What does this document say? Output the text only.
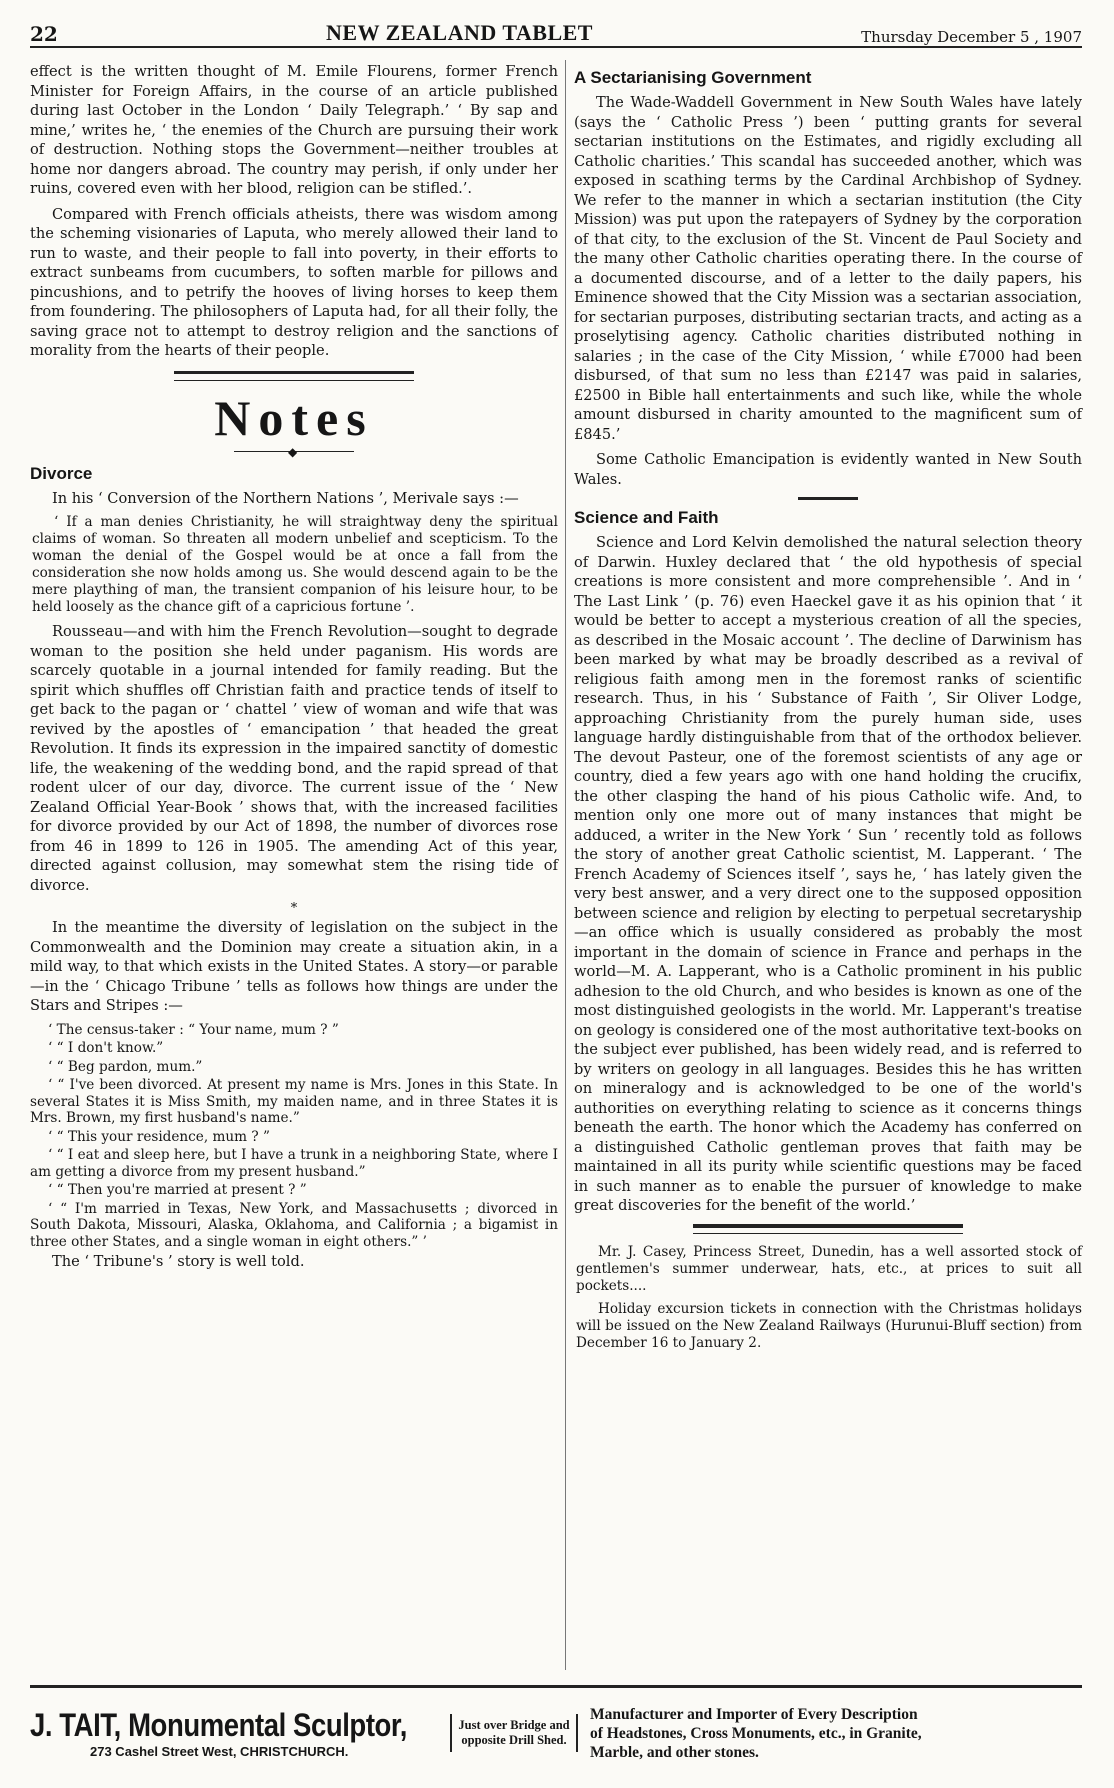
22	NEW ZEALAND TABLET	Thursday December 5 , 1907

effect is the written thought of M. Emile Flourens, former French Minister for Foreign Affairs, in the course of an article published during last October in the London ‘ Daily Telegraph.’ ‘ By sap and mine,’ writes he, ‘ the enemies of the Church are pursuing their work of destruction. Nothing stops the Government—neither troubles at home nor dangers abroad. The country may perish, if only under her ruins, covered even with her blood, religion can be stifled.’.

Compared with French officials atheists, there was wisdom among the scheming visionaries of Laputa, who merely allowed their land to run to waste, and their people to fall into poverty, in their efforts to extract sunbeams from cucumbers, to soften marble for pillows and pincushions, and to petrify the hooves of living horses to keep them from foundering. The philosophers of Laputa had, for all their folly, the saving grace not to attempt to destroy religion and the sanctions of morality from the hearts of their people.

Notes
◆
Divorce

In his ‘ Conversion of the Northern Nations ’, Merivale says :—

‘ If a man denies Christianity, he will straightway deny the spiritual claims of woman. So threaten all modern unbelief and scepticism. To the woman the denial of the Gospel would be at once a fall from the consideration she now holds among us. She would descend again to be the mere plaything of man, the transient companion of his leisure hour, to be held loosely as the chance gift of a capricious fortune ’.

Rousseau—and with him the French Revolution—sought to degrade woman to the position she held under paganism. His words are scarcely quotable in a journal intended for family reading. But the spirit which shuffles off Christian faith and practice tends of itself to get back to the pagan or ‘ chattel ’ view of woman and wife that was revived by the apostles of ‘ emancipation ’ that headed the great Revolution. It finds its expression in the impaired sanctity of domestic life, the weakening of the wedding bond, and the rapid spread of that rodent ulcer of our day, divorce. The current issue of the ‘ New Zealand Official Year-Book ’ shows that, with the increased facilities for divorce provided by our Act of 1898, the number of divorces rose from 46 in 1899 to 126 in 1905. The amending Act of this year, directed against collusion, may somewhat stem the rising tide of divorce.

*

In the meantime the diversity of legislation on the subject in the Commonwealth and the Dominion may create a situation akin, in a mild way, to that which exists in the United States. A story—or parable—in the ‘ Chicago Tribune ’ tells as follows how things are under the Stars and Stripes :—

‘ The census-taker : “ Your name, mum ? ”

‘ “ I don't know.”

‘ “ Beg pardon, mum.”

‘ “ I've been divorced. At present my name is Mrs. Jones in this State. In several States it is Miss Smith, my maiden name, and in three States it is Mrs. Brown, my first husband's name.”

‘ “ This your residence, mum ? ”

‘ “ I eat and sleep here, but I have a trunk in a neighboring State, where I am getting a divorce from my present husband.”

‘ “ Then you're married at present ? ”

‘ “ I'm married in Texas, New York, and Massachusetts ; divorced in South Dakota, Missouri, Alaska, Oklahoma, and California ; a bigamist in three other States, and a single woman in eight others.” ’

The ‘ Tribune's ’ story is well told.

A Sectarianising Government

The Wade-Waddell Government in New South Wales have lately (says the ‘ Catholic Press ’) been ‘ putting grants for several sectarian institutions on the Estimates, and rigidly excluding all Catholic charities.’ This scandal has succeeded another, which was exposed in scathing terms by the Cardinal Archbishop of Sydney. We refer to the manner in which a sectarian institution (the City Mission) was put upon the ratepayers of Sydney by the corporation of that city, to the exclusion of the St. Vincent de Paul Society and the many other Catholic charities operating there. In the course of a documented discourse, and of a letter to the daily papers, his Eminence showed that the City Mission was a sectarian association, for sectarian purposes, distributing sectarian tracts, and acting as a proselytising agency. Catholic charities distributed nothing in salaries ; in the case of the City Mission, ‘ while £7000 had been disbursed, of that sum no less than £2147 was paid in salaries, £2500 in Bible hall entertainments and such like, while the whole amount disbursed in charity amounted to the magnificent sum of £845.’

Some Catholic Emancipation is evidently wanted in New South Wales.

Science and Faith

Science and Lord Kelvin demolished the natural selection theory of Darwin. Huxley declared that ‘ the old hypothesis of special creations is more consistent and more comprehensible ’. And in ‘ The Last Link ’ (p. 76) even Haeckel gave it as his opinion that ‘ it would be better to accept a mysterious creation of all the species, as described in the Mosaic account ’. The decline of Darwinism has been marked by what may be broadly described as a revival of religious faith among men in the foremost ranks of scientific research. Thus, in his ‘ Substance of Faith ’, Sir Oliver Lodge, approaching Christianity from the purely human side, uses language hardly distinguishable from that of the orthodox believer. The devout Pasteur, one of the foremost scientists of any age or country, died a few years ago with one hand holding the crucifix, the other clasping the hand of his pious Catholic wife. And, to mention only one more out of many instances that might be adduced, a writer in the New York ‘ Sun ’ recently told as follows the story of another great Catholic scientist, M. Lapperant. ‘ The French Academy of Sciences itself ’, says he, ‘ has lately given the very best answer, and a very direct one to the supposed opposition between science and religion by electing to perpetual secretaryship—an office which is usually considered as probably the most important in the domain of science in France and perhaps in the world—M. A. Lapperant, who is a Catholic prominent in his public adhesion to the old Church, and who besides is known as one of the most distinguished geologists in the world. Mr. Lapperant's treatise on geology is considered one of the most authoritative text-books on the subject ever published, has been widely read, and is referred to by writers on geology in all languages. Besides this he has written on mineralogy and is acknowledged to be one of the world's authorities on everything relating to science as it concerns things beneath the earth. The honor which the Academy has conferred on a distinguished Catholic gentleman proves that faith may be maintained in all its purity while scientific questions may be faced in such manner as to enable the pursuer of knowledge to make great discoveries for the benefit of the world.’

Mr. J. Casey, Princess Street, Dunedin, has a well assorted stock of gentlemen's summer underwear, hats, etc., at prices to suit all pockets....

Holiday excursion tickets in connection with the Christmas holidays will be issued on the New Zealand Railways (Hurunui-Bluff section) from December 16 to January 2.

J. TAIT, Monumental Sculptor,
273 Cashel Street West, CHRISTCHURCH.
Just over Bridge and opposite Drill Shed.
Manufacturer and Importer of Every Description
of Headstones, Cross Monuments, etc., in Granite,
Marble, and other stones.
